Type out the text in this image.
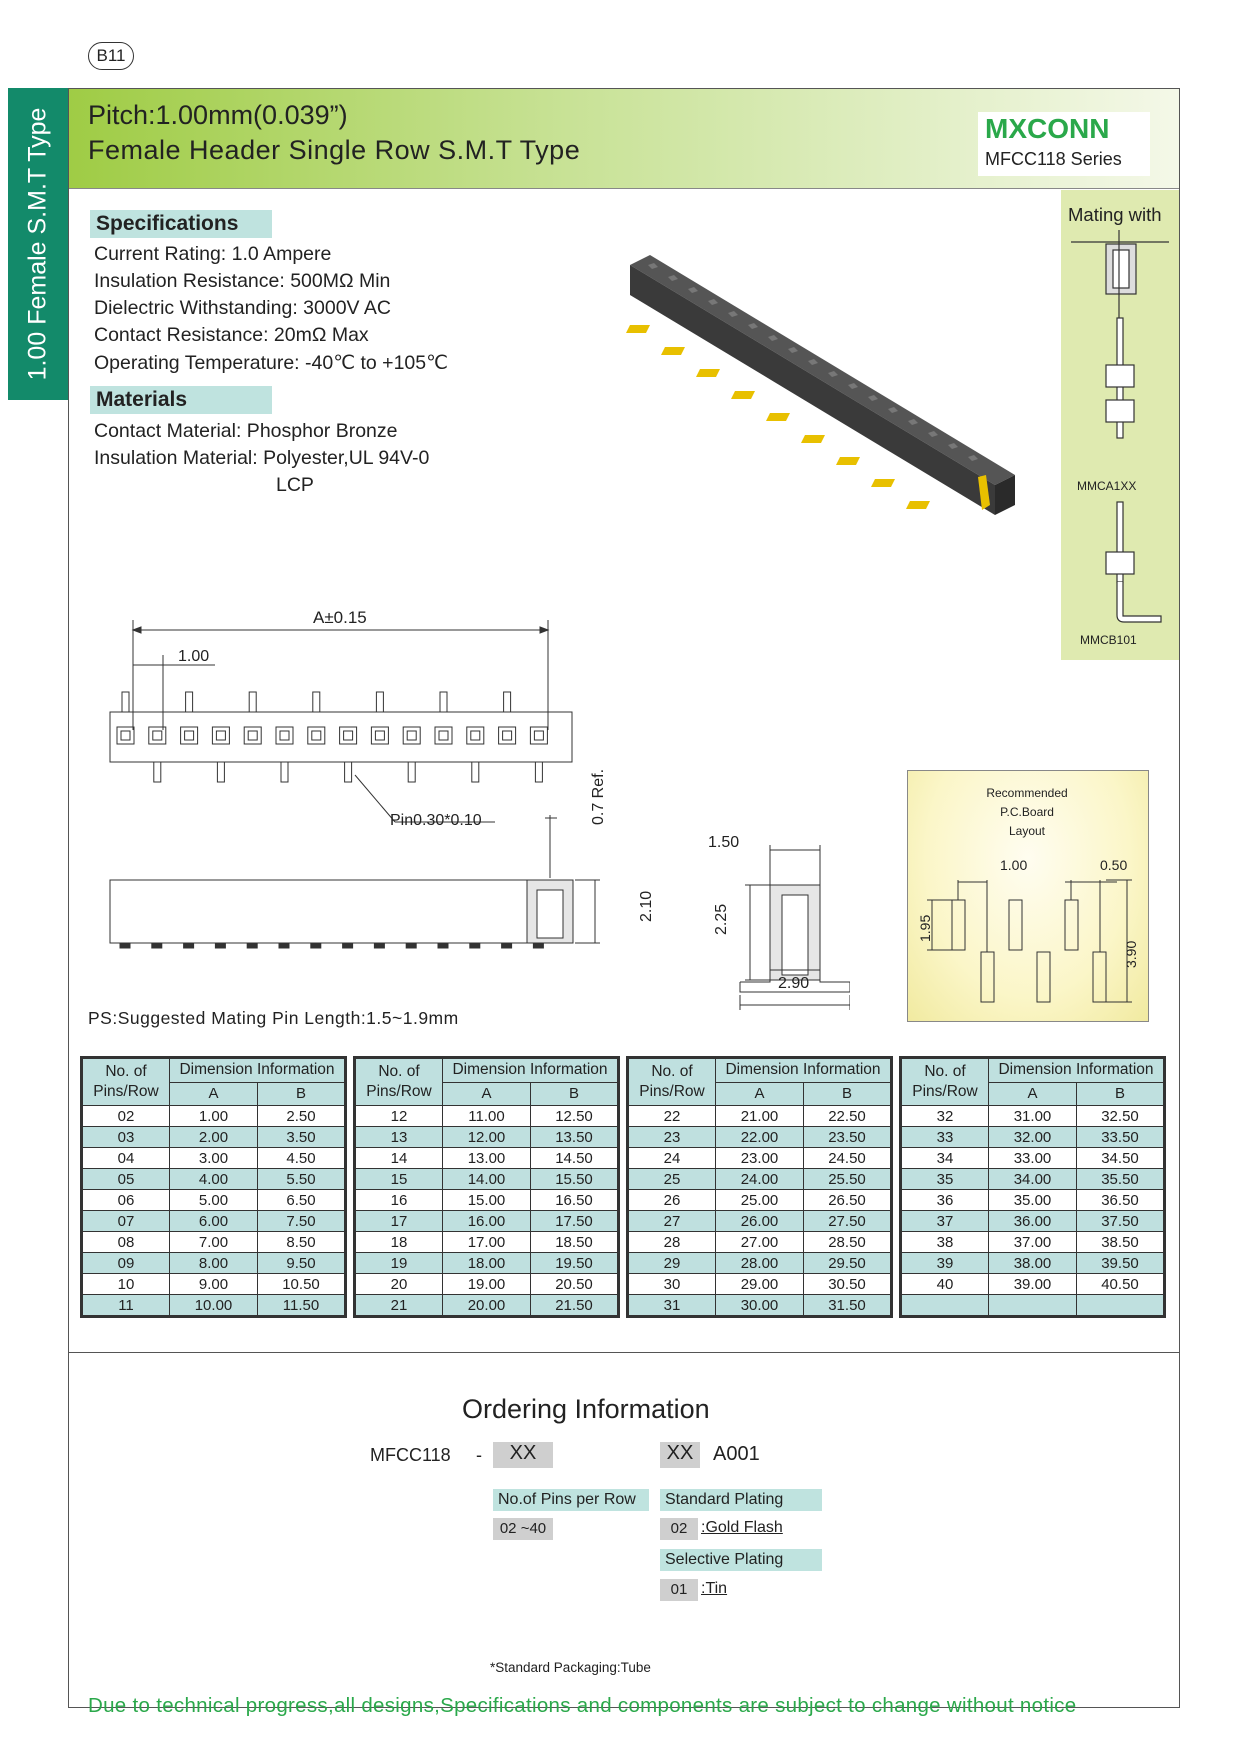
B11
1.00 Female S.M.T Type Pitch:1.00mm(0.039”)
Female Header Single Row S.M.T Type
MXCONN
MFCC118 Series
Specifications
Current Rating: 1.0 Ampere
Insulation Resistance: 500MΩ Min
Dielectric Withstanding: 3000V AC
Contact Resistance: 20mΩ Max
Operating Temperature: -40℃ to +105℃
Materials
Contact Material: Phosphor Bronze
Insulation Material: Polyester,UL 94V-0
LCP
Mating with
MMCA1XX
MMCB101
A±0.15
1.00
Pin0.30*0.10	0.7 Ref.
2.10
1.50
2.25
2.90
Recommended
P.C.Board
Layout
1.00	0.50
1.95
3.90
PS:Suggested Mating Pin Length:1.5~1.9mm
No. of
Pins/Row	Dimension Information	
	A	B
02	1.00	2.50
03	2.00	3.50
04	3.00	4.50
05	4.00	5.50
06	5.00	6.50
07	6.00	7.50
08	7.00	8.50
09	8.00	9.50
10	9.00	10.50
11	10.00	11.50
No. of
Pins/Row	Dimension Information	
	A	B
12	11.00	12.50
13	12.00	13.50
14	13.00	14.50
15	14.00	15.50
16	15.00	16.50
17	16.00	17.50
18	17.00	18.50
19	18.00	19.50
20	19.00	20.50
21	20.00	21.50
No. of
Pins/Row	Dimension Information	
	A	B
22	21.00	22.50
23	22.00	23.50
24	23.00	24.50
25	24.00	25.50
26	25.00	26.50
27	26.00	27.50
28	27.00	28.50
29	28.00	29.50
30	29.00	30.50
31	30.00	31.50
No. of
Pins/Row	Dimension Information	
	A	B
32	31.00	32.50
33	32.00	33.50
34	33.00	34.50
35	34.00	35.50
36	35.00	36.50
37	36.00	37.50
38	37.00	38.50
39	38.00	39.50
40	39.00	40.50

Ordering Information
MFCC118 -	XX	XX A001
No.of Pins per Row
02 ~40
Standard Plating
02 :Gold Flash
Selective Plating
01 :Tin
*Standard Packaging:Tube
Due to technical progress,all designs,Specifications and components are subject to change without notice
